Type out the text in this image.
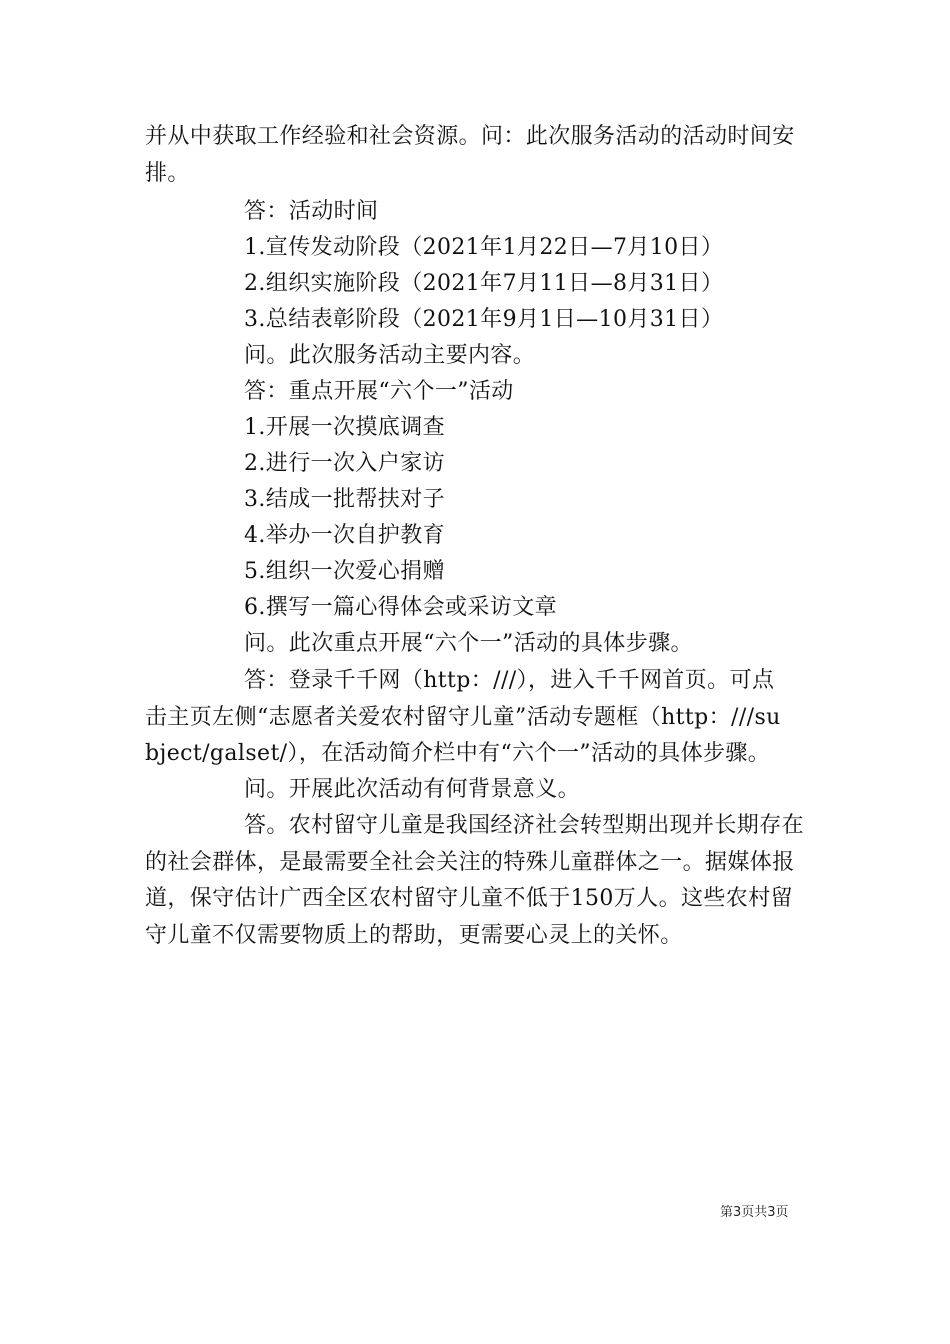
并从中获取工作经验和社会资源。问：此次服务活动的活动时间安
排。
答：活动时间
1.宣传发动阶段（2021年1月22日—7月10日）
2.组织实施阶段（2021年7月11日—8月31日）
3.总结表彰阶段（2021年9月1日—10月31日）
问。此次服务活动主要内容。
答：重点开展“六个一”活动
1.开展一次摸底调查
2.进行一次入户家访
3.结成一批帮扶对子
4.举办一次自护教育
5.组织一次爱心捐赠
6.撰写一篇心得体会或采访文章
问。此次重点开展“六个一”活动的具体步骤。
答：登录千千网（http：///），进入千千网首页。可点
击主页左侧“志愿者关爱农村留守儿童”活动专题框（http：///su
bject/galset/），在活动简介栏中有“六个一”活动的具体步骤。
问。开展此次活动有何背景意义。
答。农村留守儿童是我国经济社会转型期出现并长期存在
的社会群体，是最需要全社会关注的特殊儿童群体之一。据媒体报
道，保守估计广西全区农村留守儿童不低于150万人。这些农村留
守儿童不仅需要物质上的帮助，更需要心灵上的关怀。
第3页共3页
